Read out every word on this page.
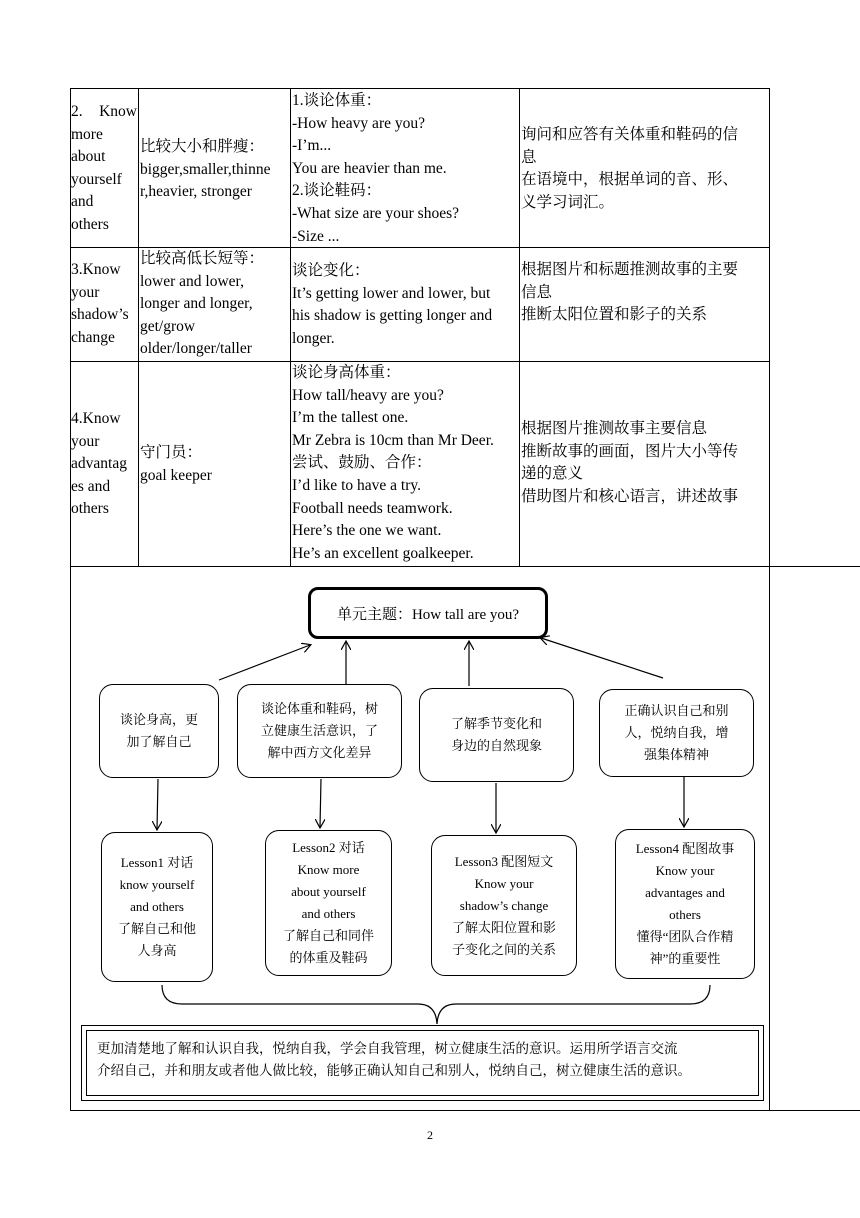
2. Know
more
about
yourself
and
others
比较大小和胖瘦：
bigger,smaller,thinne
r,heavier, stronger
1.谈论体重：
-How heavy are you?
-I’m...
You are heavier than me.
2.谈论鞋码：
-What size are your shoes?
-Size ...
询问和应答有关体重和鞋码的信
息
在语境中，根据单词的音、形、
义学习词汇。
3.Know
your
shadow’s
change
比较高低长短等：
lower and lower,
longer and longer,
get/grow
older/longer/taller
谈论变化：
It’s getting lower and lower, but
his shadow is getting longer and
longer.
根据图片和标题推测故事的主要
信息
推断太阳位置和影子的关系
4.Know
your
advantag
es and
others
守门员：
goal keeper
谈论身高体重：
How tall/heavy are you?
I’m the tallest one.
Mr Zebra is 10cm than Mr Deer.
尝试、鼓励、合作：
I’d like to have a try.
Football needs teamwork.
Here’s the one we want.
He’s an excellent goalkeeper.
根据图片推测故事主要信息
推断故事的画面，图片大小等传
递的意义
借助图片和核心语言，讲述故事
单元主题：How tall are you?
谈论身高，更
加了解自己
谈论体重和鞋码，树
立健康生活意识，了
解中西方文化差异
了解季节变化和
身边的自然现象
正确认识自己和别
人，悦纳自我，增
强集体精神
Lesson1 对话
know yourself
and others
了解自己和他
人身高
Lesson2 对话
Know more
about yourself
and others
了解自己和同伴
的体重及鞋码
Lesson3 配图短文
Know your
shadow’s change
了解太阳位置和影
子变化之间的关系
Lesson4 配图故事
Know your
advantages and
others
懂得“团队合作精
神”的重要性
更加清楚地了解和认识自我，悦纳自我，学会自我管理，树立健康生活的意识。运用所学语言交流
介绍自己，并和朋友或者他人做比较，能够正确认知自己和别人，悦纳自己，树立健康生活的意识。
2
